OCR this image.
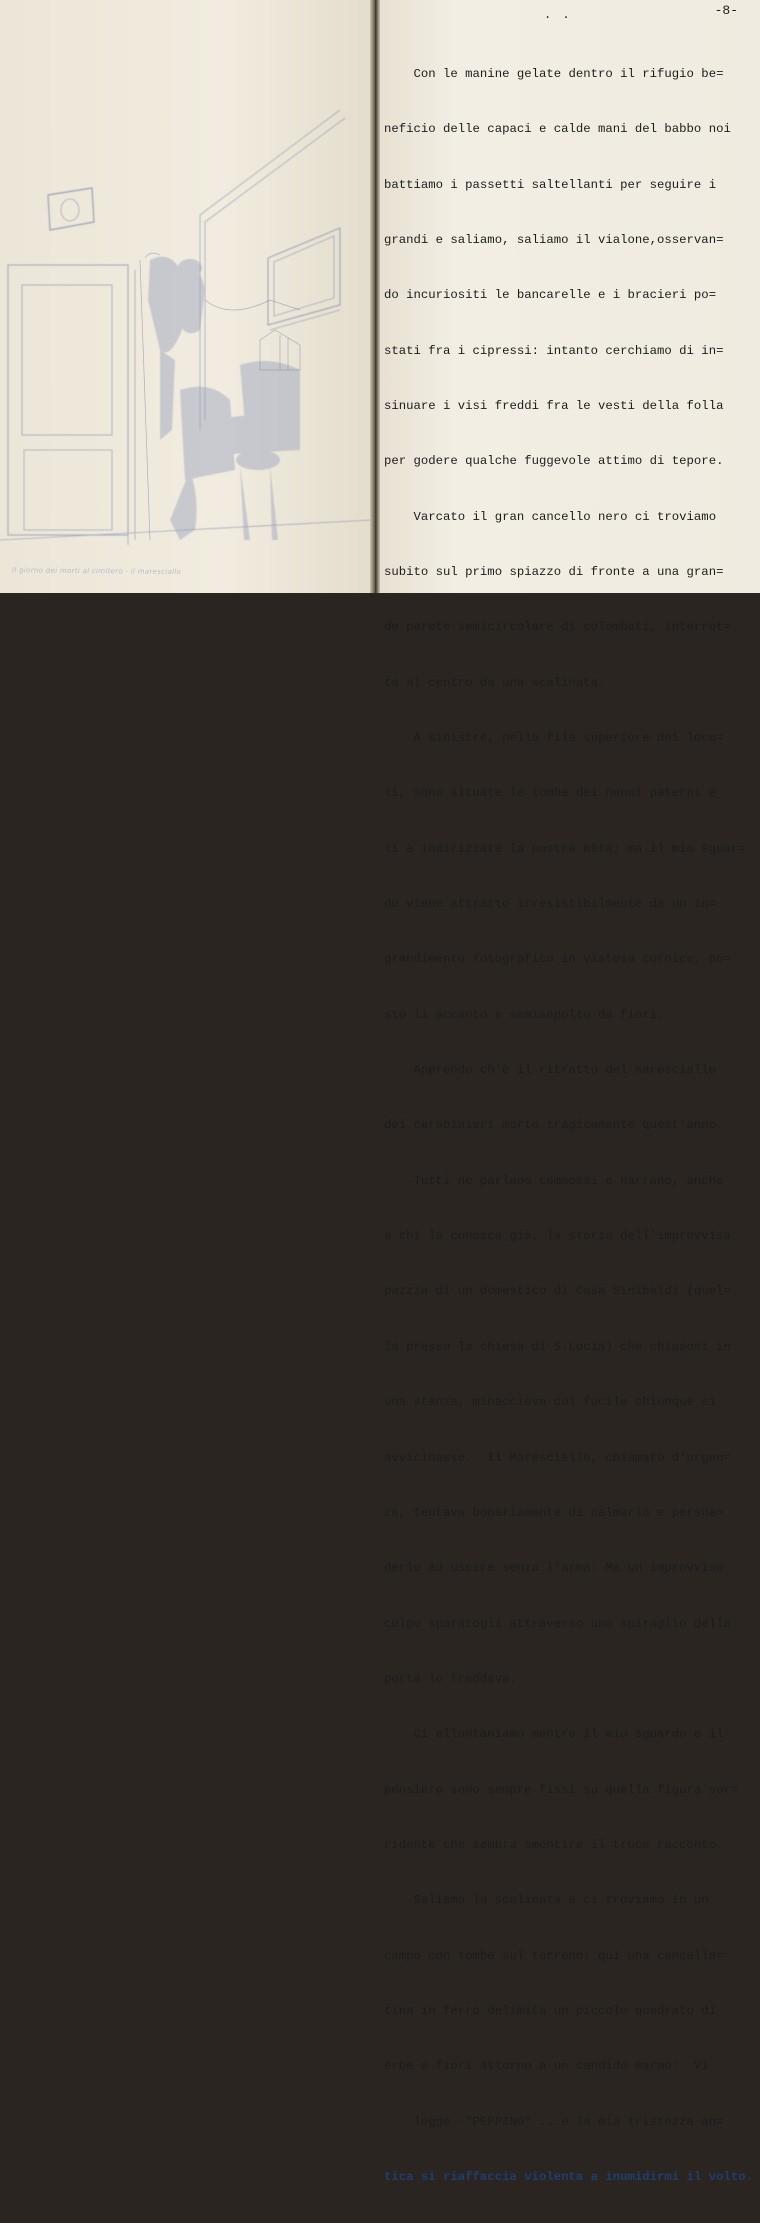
Il giorno dei morti al cimitero · il maresciallo
. .	-8-

Con le manine gelate dentro il rifugio be=

neficio delle capaci e calde mani del babbo noi

battiamo i passetti saltellanti per seguire i

grandi e saliamo, saliamo il vialone,osservan=

do incuriositi le bancarelle e i bracieri po=

stati fra i cipressi: intanto cerchiamo di in=

sinuare i visi freddi fra le vesti della folla

per godere qualche fuggevole attimo di tepore.

Varcato il gran cancello nero ci troviamo

subito sul primo spiazzo di fronte a una gran=

de parete semicircolare di colombati, interrot=

ta al centro da una scalinata.

A sinistre, nella fila superiore dei locu=

li, sono situate le tombe dei nonni paterni e

lì è indirizzata la nostra mèta; ma il mio sguar=

do viene attratto irresistibilmente da un in=

grandimento fotografico in vistosa cornice, po=

sto lì accanto e semisepolto da fiori.

Apprendo ch'è il ritratto del maresciallo

dei carabinieri morto tragicamente quest'anno.

Tutti ne parlano commossi e narrano, anche

a chi la conosce già, la storia dell'improvvisa

pazzia di un domestico di Casa Sinibaldi (quel=

la presso la chiesa di S.Lucia) che chiusosi in

una stanza, minacciava col fucile chiunque si

avvicinasse.  Il Maresciallo, chiamato d'urgen=

za, tentava bonariamente di calmarlo e persua=

derlo ad uscire senza l'arma: Ma un improvviso

colpo sparatogli attraverso uno spiraglio della

porta lo freddava.

Ci allontaniamo mentre il mio sguardo e il

pensiero sono sempre fissi su quella figura sor=

ridente che sembra smentire il truce racconto.

Saliamo la scalinata e ci troviamo in un

campo con tombe sul terreno: qui una cancella=

tina in ferro delimita un piccolo quadrato di

erbe e fiori attorno a un candido marmo:  Vi

legge -"PEPPINO" ...e la mia tristezza an=

tica si riaffaccia violenta a inumidirmi il volto.
